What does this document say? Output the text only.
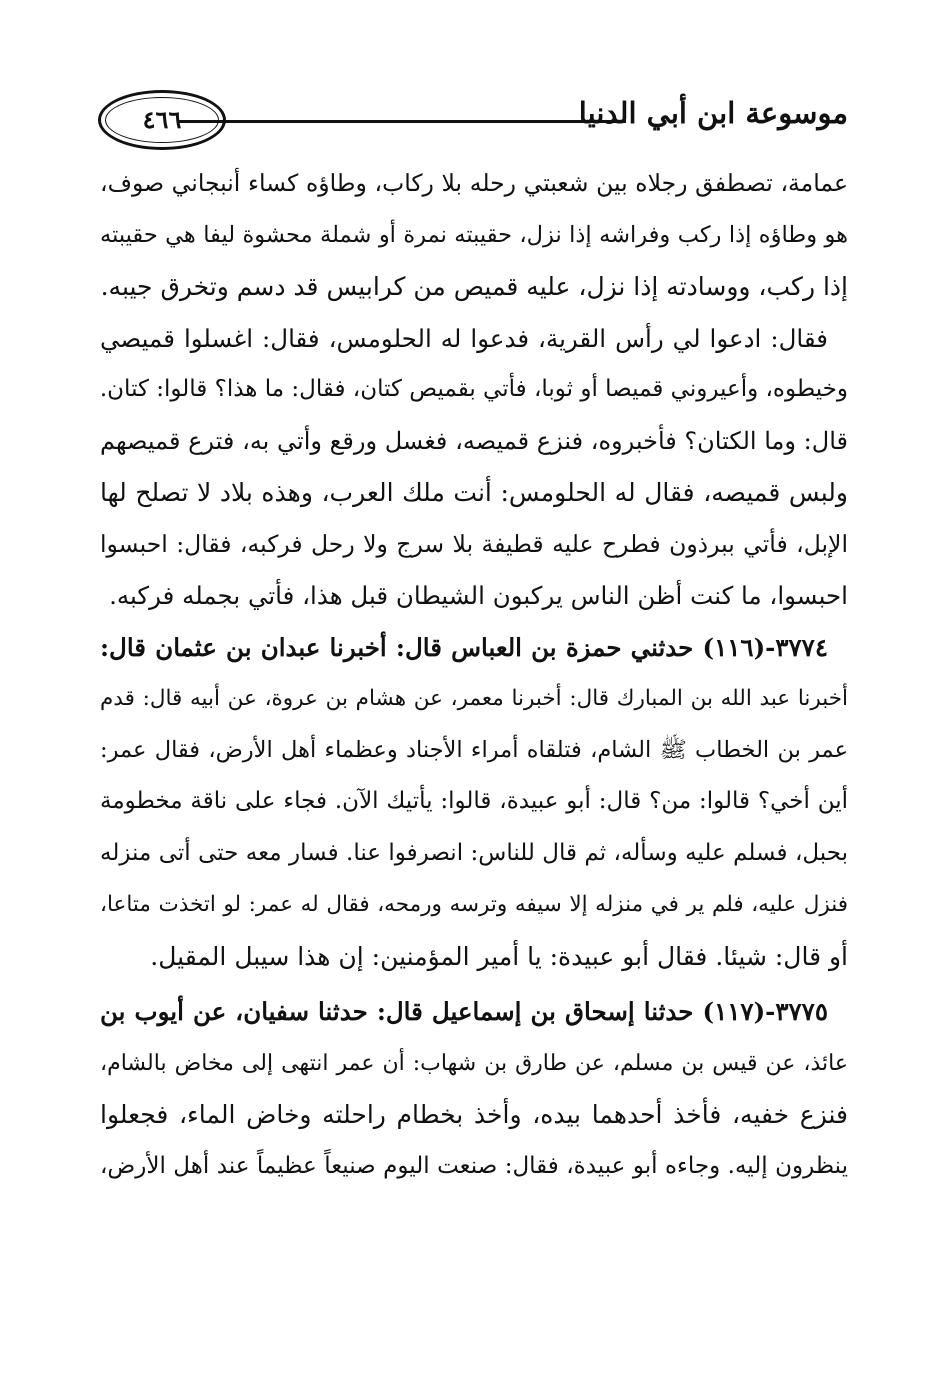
موسوعة ابن أبي الدنيا
٤٦٦
عمامة، تصطفق رجلاه بين شعبتي رحله بلا ركاب، وطاؤه كساء أنبجاني صوف،
هو وطاؤه إذا ركب وفراشه إذا نزل، حقيبته نمرة أو شملة محشوة ليفا هي حقيبته
إذا ركب، ووسادته إذا نزل، عليه قميص من كرابيس قد دسم وتخرق جيبه.
فقال: ادعوا لي رأس القرية، فدعوا له الحلومس، فقال: اغسلوا قميصي
وخيطوه، وأعيروني قميصا أو ثوبا، فأتي بقميص كتان، فقال: ما هذا؟ قالوا: كتان.
قال: وما الكتان؟ فأخبروه، فنزع قميصه، فغسل ورقع وأتي به، فترع قميصهم
ولبس قميصه، فقال له الحلومس: أنت ملك العرب، وهذه بلاد لا تصلح لها
الإبل، فأتي ببرذون فطرح عليه قطيفة بلا سرج ولا رحل فركبه، فقال: احبسوا
احبسوا، ما كنت أظن الناس يركبون الشيطان قبل هذا، فأتي بجمله فركبه.
٣٧٧٤-(١١٦) حدثني حمزة بن العباس قال: أخبرنا عبدان بن عثمان قال:
أخبرنا عبد الله بن المبارك قال: أخبرنا معمر، عن هشام بن عروة، عن أبيه قال: قدم
عمر بن الخطاب ﷺ الشام، فتلقاه أمراء الأجناد وعظماء أهل الأرض، فقال عمر:
أين أخي؟ قالوا: من؟ قال: أبو عبيدة، قالوا: يأتيك الآن. فجاء على ناقة مخطومة
بحبل، فسلم عليه وسأله، ثم قال للناس: انصرفوا عنا. فسار معه حتى أتى منزله
فنزل عليه، فلم ير في منزله إلا سيفه وترسه ورمحه، فقال له عمر: لو اتخذت متاعا،
أو قال: شيئا. فقال أبو عبيدة: يا أمير المؤمنين: إن هذا سيبل المقيل.
٣٧٧٥-(١١٧) حدثنا إسحاق بن إسماعيل قال: حدثنا سفيان، عن أيوب بن
عائذ، عن قيس بن مسلم، عن طارق بن شهاب: أن عمر انتهى إلى مخاض بالشام،
فنزع خفيه، فأخذ أحدهما بيده، وأخذ بخطام راحلته وخاض الماء، فجعلوا
ينظرون إليه. وجاءه أبو عبيدة، فقال: صنعت اليوم صنيعاً عظيماً عند أهل الأرض،
